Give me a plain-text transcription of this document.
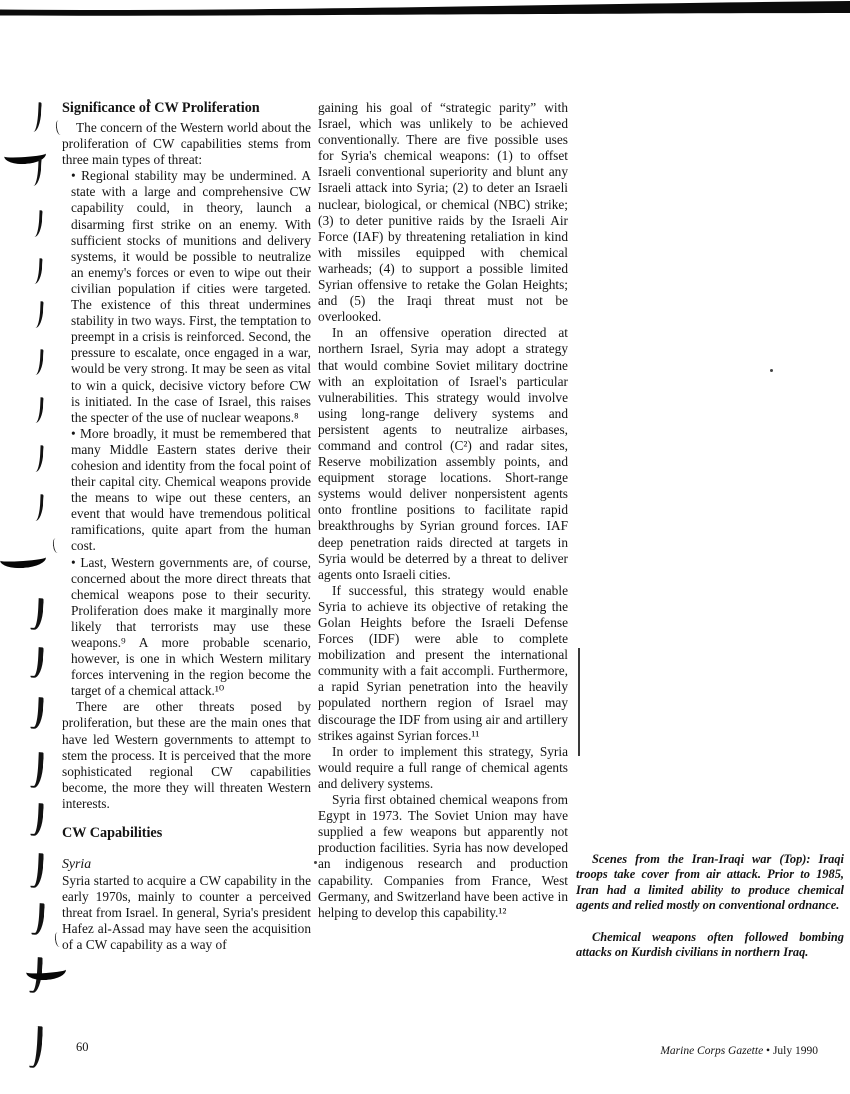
Significance of CW Proliferation

The concern of the Western world about the proliferation of CW capabilities stems from three main types of threat:

• Regional stability may be undermined. A state with a large and comprehensive CW capability could, in theory, launch a disarming first strike on an enemy. With sufficient stocks of munitions and delivery systems, it would be possible to neutralize an enemy's forces or even to wipe out their civilian population if cities were targeted. The existence of this threat undermines stability in two ways. First, the temptation to preempt in a crisis is reinforced. Second, the pressure to escalate, once engaged in a war, would be very strong. It may be seen as vital to win a quick, decisive victory before CW is initiated. In the case of Israel, this raises the specter of the use of nuclear weapons.⁸

• More broadly, it must be remembered that many Middle Eastern states derive their cohesion and identity from the focal point of their capital city. Chemical weapons provide the means to wipe out these centers, an event that would have tremendous political ramifications, quite apart from the human cost.

• Last, Western governments are, of course, concerned about the more direct threats that chemical weapons pose to their security. Proliferation does make it marginally more likely that terrorists may use these weapons.⁹ A more probable scenario, however, is one in which Western military forces intervening in the region become the target of a chemical attack.¹⁰

There are other threats posed by proliferation, but these are the main ones that have led Western governments to attempt to stem the process. It is perceived that the more sophisticated regional CW capabilities become, the more they will threaten Western interests.

CW Capabilities
Syria

Syria started to acquire a CW capability in the early 1970s, mainly to counter a perceived threat from Israel. In general, Syria's president Hafez al-Assad may have seen the acquisition of a CW capability as a way of

gaining his goal of “strategic parity” with Israel, which was unlikely to be achieved conventionally. There are five possible uses for Syria's chemical weapons: (1) to offset Israeli conventional superiority and blunt any Israeli attack into Syria; (2) to deter an Israeli nuclear, biological, or chemical (NBC) strike; (3) to deter punitive raids by the Israeli Air Force (IAF) by threatening retaliation in kind with missiles equipped with chemical warheads; (4) to support a possible limited Syrian offensive to retake the Golan Heights; and (5) the Iraqi threat must not be overlooked.

In an offensive operation directed at northern Israel, Syria may adopt a strategy that would combine Soviet military doctrine with an exploitation of Israel's particular vulnerabilities. This strategy would involve using long-range delivery systems and persistent agents to neutralize airbases, command and control (C²) and radar sites, Reserve mobilization assembly points, and equipment storage locations. Short-range systems would deliver nonpersistent agents onto frontline positions to facilitate rapid breakthroughs by Syrian ground forces. IAF deep penetration raids directed at targets in Syria would be deterred by a threat to deliver agents onto Israeli cities.

If successful, this strategy would enable Syria to achieve its objective of retaking the Golan Heights before the Israeli Defense Forces (IDF) were able to complete mobilization and present the international community with a fait accompli. Furthermore, a rapid Syrian penetration into the heavily populated northern region of Israel may discourage the IDF from using air and artillery strikes against Syrian forces.¹¹

In order to implement this strategy, Syria would require a full range of chemical agents and delivery systems.

Syria first obtained chemical weapons from Egypt in 1973. The Soviet Union may have supplied a few weapons but apparently not production facilities. Syria has now developed an indigenous research and production capability. Companies from France, West Germany, and Switzerland have been active in helping to develop this capability.¹²

Scenes from the Iran-Iraqi war (Top): Iraqi troops take cover from air attack. Prior to 1985, Iran had a limited ability to produce chemical agents and relied mostly on conventional ordnance.

Chemical weapons often followed bombing attacks on Kurdish civilians in northern Iraq.

60	Marine Corps Gazette • July 1990
